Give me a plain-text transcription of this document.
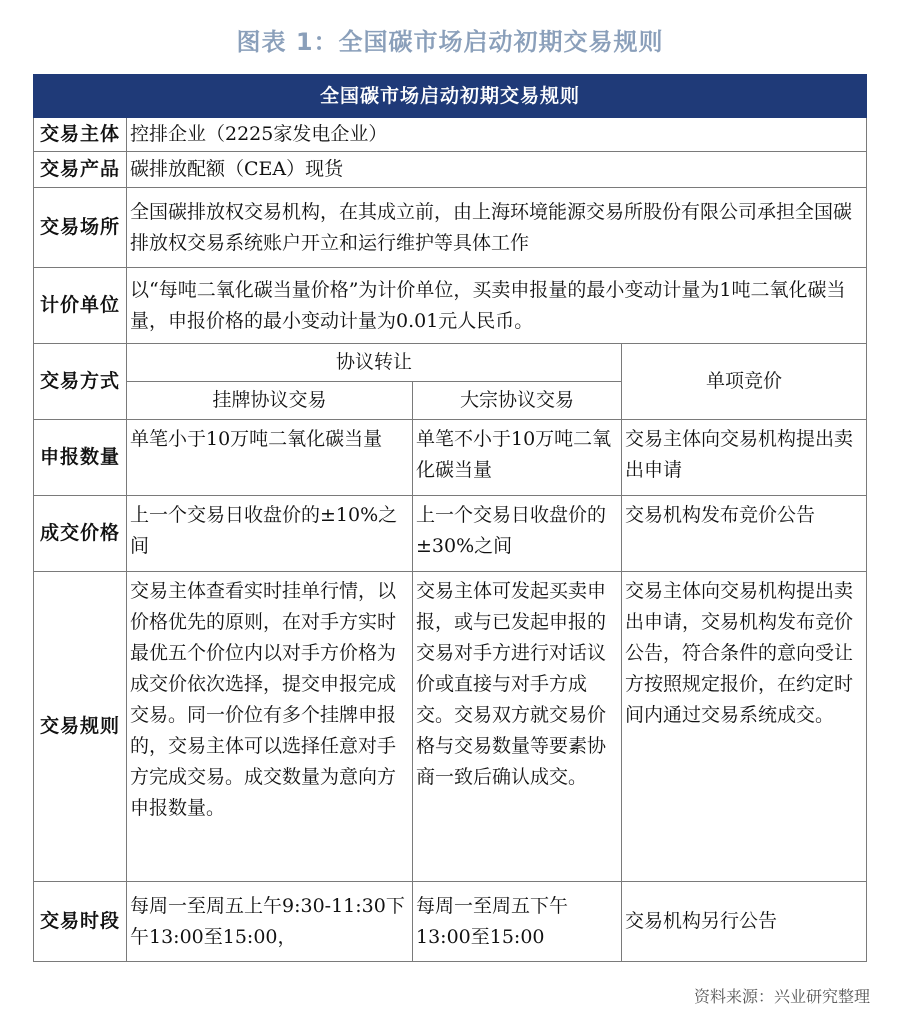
图表 1：全国碳市场启动初期交易规则
全国碳市场启动初期交易规则			
交易主体	控排企业（2225家发电企业）		
交易产品	碳排放配额（CEA）现货		
交易场所	全国碳排放权交易机构，在其成立前，由上海环境能源交易所股份有限公司承担全国碳排放权交易系统账户开立和运行维护等具体工作		
计价单位	以“每吨二氧化碳当量价格”为计价单位，买卖申报量的最小变动计量为1吨二氧化碳当量，申报价格的最小变动计量为0.01元人民币。		
交易方式	协议转让		单项竞价
	挂牌协议交易	大宗协议交易	
申报数量	单笔小于10万吨二氧化碳当量	单笔不小于10万吨二氧化碳当量	交易主体向交易机构提出卖出申请
成交价格	上一个交易日收盘价的±10%之间	上一个交易日收盘价的±30%之间	交易机构发布竞价公告
交易规则	交易主体查看实时挂单行情，以价格优先的原则，在对手方实时最优五个价位内以对手方价格为成交价依次选择，提交申报完成交易。同一价位有多个挂牌申报的，交易主体可以选择任意对手方完成交易。成交数量为意向方申报数量。	交易主体可发起买卖申报，或与已发起申报的交易对手方进行对话议价或直接与对手方成交。交易双方就交易价格与交易数量等要素协商一致后确认成交。	交易主体向交易机构提出卖出申请，交易机构发布竞价公告，符合条件的意向受让方按照规定报价，在约定时间内通过交易系统成交。
交易时段	每周一至周五上午9:30-11:30下午13:00至15:00，	每周一至周五下午13:00至15:00	交易机构另行公告
资料来源：兴业研究整理
